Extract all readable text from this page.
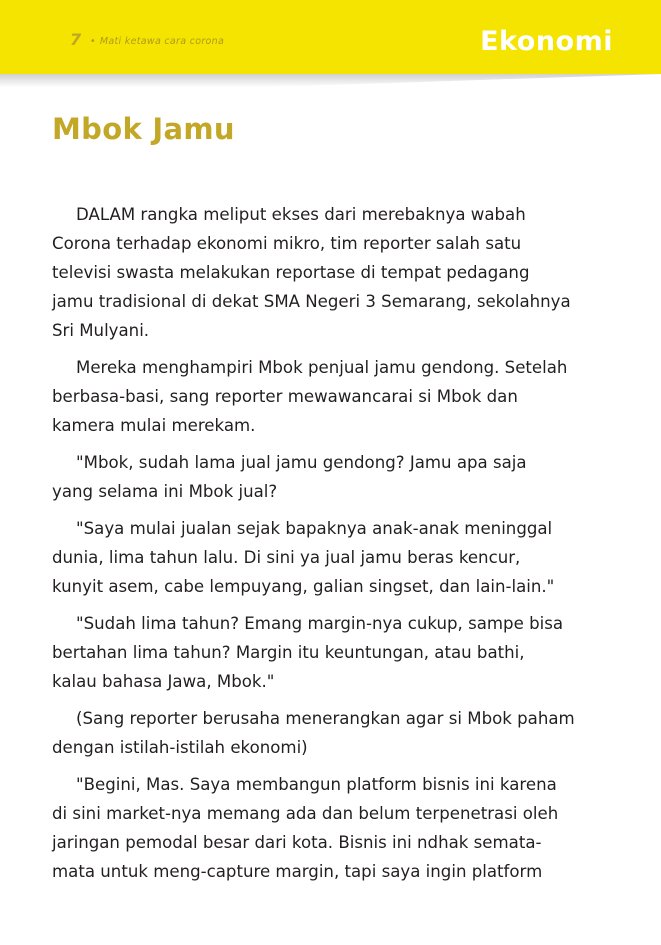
7 • Mati ketawa cara corona	Ekonomi
Mbok Jamu
DALAM rangka meliput ekses dari merebaknya wabah
Corona terhadap ekonomi mikro, tim reporter salah satu
televisi swasta melakukan reportase di tempat pedagang
jamu tradisional di dekat SMA Negeri 3 Semarang, sekolahnya
Sri Mulyani.
Mereka menghampiri Mbok penjual jamu gendong. Setelah
berbasa-basi, sang reporter mewawancarai si Mbok dan
kamera mulai merekam.
"Mbok, sudah lama jual jamu gendong? Jamu apa saja
yang selama ini Mbok jual?
"Saya mulai jualan sejak bapaknya anak-anak meninggal
dunia, lima tahun lalu. Di sini ya jual jamu beras kencur,
kunyit asem, cabe lempuyang, galian singset, dan lain-lain."
"Sudah lima tahun? Emang margin-nya cukup, sampe bisa
bertahan lima tahun? Margin itu keuntungan, atau bathi,
kalau bahasa Jawa, Mbok."
(Sang reporter berusaha menerangkan agar si Mbok paham
dengan istilah-istilah ekonomi)
"Begini, Mas. Saya membangun platform bisnis ini karena
di sini market-nya memang ada dan belum terpenetrasi oleh
jaringan pemodal besar dari kota. Bisnis ini ndhak semata-
mata untuk meng-capture margin, tapi saya ingin platform
